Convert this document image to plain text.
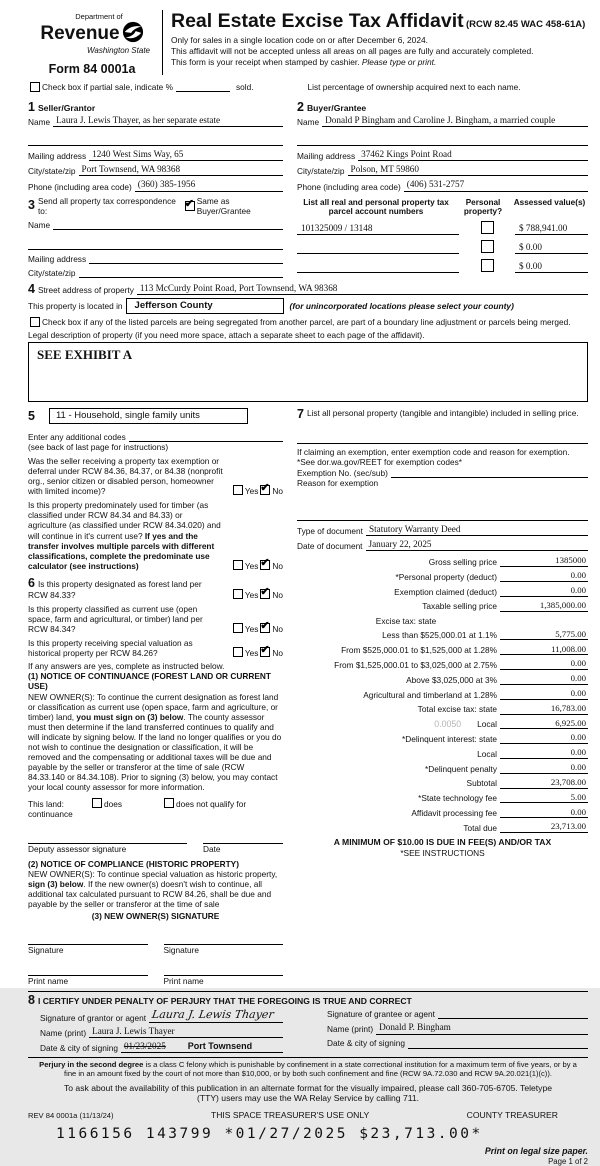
Department of
Revenue
Washington State
Form 84 0001a
Real Estate Excise Tax Affidavit (RCW 82.45 WAC 458-61A)

Only for sales in a single location code on or after December 6, 2024.

This affidavit will not be accepted unless all areas on all pages are fully and accurately completed.

This form is your receipt when stamped by cashier. Please type or print.

Check box if partial sale, indicate %	sold.	List percentage of ownership acquired next to each name.
1 Seller/Grantor
Name Laura J. Lewis Thayer, as her separate estate
Mailing address 1240 West Sims Way, 65
City/state/zip Port Townsend, WA 98368
Phone (including area code) (360) 385-1956
2 Buyer/Grantee
Name Donald P Bingham and Caroline J. Bingham, a married couple
Mailing address 37462 Kings Point Road
City/state/zip Polson, MT 59860
Phone (including area code) (406) 531-2757
3 Send all property tax correspondence to:
✔
Same as Buyer/Grantee
Name
Mailing address
City/state/zip
List all real and personal property tax parcel account numbers
Personal property?
Assessed value(s)
101325009 / 13148	$ 788,941.00
$ 0.00
$ 0.00
4 Street address of property 113 McCurdy Point Road, Port Townsend, WA 98368
This property is located in	Jefferson County	(for unincorporated locations please select your county)
Check box if any of the listed parcels are being segregated from another parcel, are part of a boundary line adjustment or parcels being merged.
Legal description of property (if you need more space, attach a separate sheet to each page of the affidavit).
SEE EXHIBIT A
5	11 - Household, single family units
Enter any additional codes
(see back of last page for instructions)
Was the seller receiving a property tax exemption or deferral under RCW 84.36, 84.37, or 84.38 (nonprofit org., senior citizen or disabled person, homeowner with limited income)?	Yes ✔ No
Is this property predominately used for timber (as classified under RCW 84.34 and 84.33) or agriculture (as classified under RCW 84.34.020) and will continue in it's current use? If yes and the transfer involves multiple parcels with different classifications, complete the predominate use calculator (see instructions)	Yes ✔ No
6 Is this property designated as forest land per RCW 84.33?	Yes ✔ No
Is this property classified as current use (open space, farm and agricultural, or timber) land per RCW 84.34?	Yes ✔ No
Is this property receiving special valuation as historical property per RCW 84.26?	Yes ✔ No
If any answers are yes, complete as instructed below.
(1) NOTICE OF CONTINUANCE (FOREST LAND OR CURRENT USE)
NEW OWNER(S): To continue the current designation as forest land or classification as current use (open space, farm and agriculture, or timber) land, you must sign on (3) below. The county assessor must then determine if the land transferred continues to qualify and will indicate by signing below. If the land no longer qualifies or you do not wish to continue the designation or classification, it will be removed and the compensating or additional taxes will be due and payable by the seller or transferor at the time of sale (RCW 84.33.140 or 84.34.108). Prior to signing (3) below, you may contact your local county assessor for more information.
This land:	does	does not qualify for
continuance
Deputy assessor signature	Date
(2) NOTICE OF COMPLIANCE (HISTORIC PROPERTY)
NEW OWNER(S): To continue special valuation as historic property, sign (3) below. If the new owner(s) doesn't wish to continue, all additional tax calculated pursuant to RCW 84.26, shall be due and payable by the seller or transferor at the time of sale
(3) NEW OWNER(S) SIGNATURE
Signature	Signature
Print name	Print name
7 List all personal property (tangible and intangible) included in selling price.
If claiming an exemption, enter exemption code and reason for exemption. *See dor.wa.gov/REET for exemption codes*
Exemption No. (sec/sub)
Reason for exemption
Type of document Statutory Warranty Deed
Date of document January 22, 2025
Gross selling price	1385000
*Personal property (deduct)	0.00
Exemption claimed (deduct)	0.00
Taxable selling price	1,385,000.00
Excise tax: state
Less than $525,000.01 at 1.1%	5,775.00
From $525,000.01 to $1,525,000 at 1.28%	11,008.00
From $1,525,000.01 to $3,025,000 at 2.75%	0.00
Above $3,025,000 at 3%	0.00
Agricultural and timberland at 1.28%	0.00
Total excise tax: state	16,783.00
0.0050 Local	6,925.00
*Delinquent interest: state	0.00
Local	0.00
*Delinquent penalty	0.00
Subtotal	23,708.00
*State technology fee	5.00
Affidavit processing fee	0.00
Total due	23,713.00
A MINIMUM OF $10.00 IS DUE IN FEE(S) AND/OR TAX
*SEE INSTRUCTIONS
8 I CERTIFY UNDER PENALTY OF PERJURY THAT THE FOREGOING IS TRUE AND CORRECT
Signature of grantor or agent Laura J. Lewis Thayer
Name (print) Laura J. Lewis Thayer
Date & city of signing 01/23/2025 Port Townsend
Signature of grantee or agent
Name (print) Donald P. Bingham
Date & city of signing
Perjury in the second degree is a class C felony which is punishable by confinement in a state correctional institution for a maximum term of five years, or by a fine in an amount fixed by the court of not more than $10,000, or by both such confinement and fine (RCW 9A.72.030 and RCW 9A.20.021(1)(c)).
To ask about the availability of this publication in an alternate format for the visually impaired, please call 360-705-6705. Teletype (TTY) users may use the WA Relay Service by calling 711.
REV 84 0001a (11/13/24)	THIS SPACE TREASURER'S USE ONLY	COUNTY TREASURER
1166156 143799 *01/27/2025 $23,713.00*
Print on legal size paper.
Page 1 of 2
